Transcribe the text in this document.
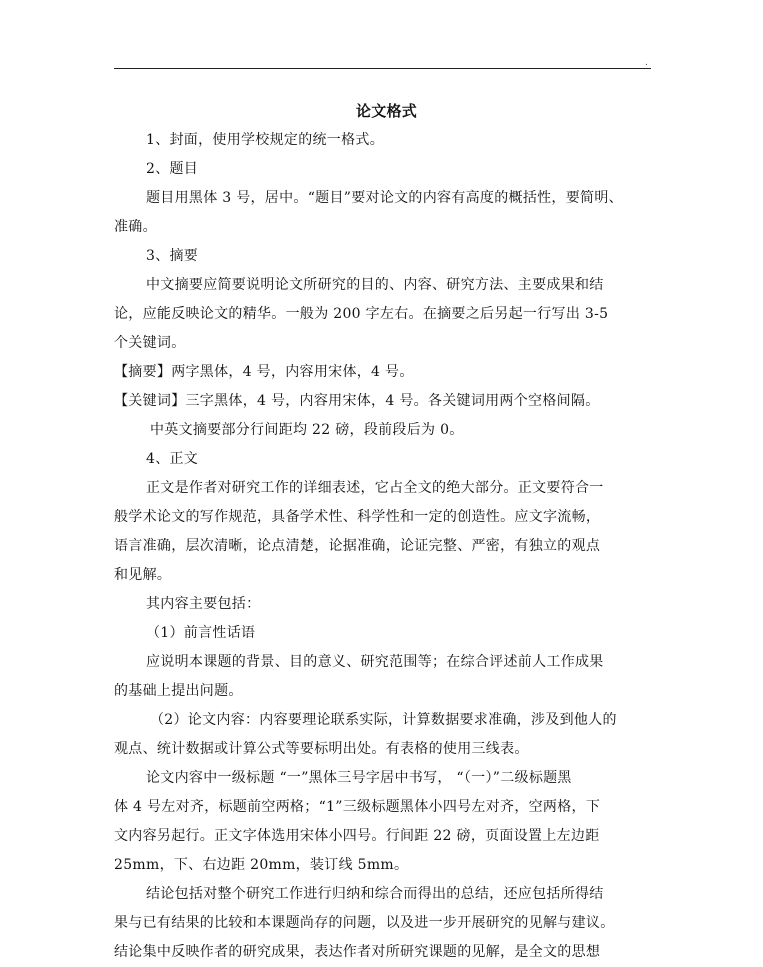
.

论文格式

1、封面，使用学校规定的统一格式。

2、题目

题目用黑体 3 号，居中。“题目”要对论文的内容有高度的概括性，要简明、

准确。

3、摘要

中文摘要应简要说明论文所研究的目的、内容、研究方法、主要成果和结

论，应能反映论文的精华。一般为 200 字左右。在摘要之后另起一行写出 3-5

个关键词。

【摘要】两字黑体，4 号，内容用宋体，4 号。

【关键词】三字黑体，4 号，内容用宋体，4 号。各关键词用两个空格间隔。

中英文摘要部分行间距均 22 磅，段前段后为 0。

4、正文

正文是作者对研究工作的详细表述，它占全文的绝大部分。正文要符合一

般学术论文的写作规范，具备学术性、科学性和一定的创造性。应文字流畅，

语言准确，层次清晰，论点清楚，论据准确，论证完整、严密，有独立的观点

和见解。

其内容主要包括：

（1）前言性话语

应说明本课题的背景、目的意义、研究范围等；在综合评述前人工作成果

的基础上提出问题。

（2）论文内容：内容要理论联系实际，计算数据要求准确，涉及到他人的

观点、统计数据或计算公式等要标明出处。有表格的使用三线表。

论文内容中一级标题 “一”黑体三号字居中书写， “（一）”二级标题黑

体 4 号左对齐，标题前空两格；“1”三级标题黑体小四号左对齐，空两格，下

文内容另起行。正文字体选用宋体小四号。行间距 22 磅，页面设置上左边距

25mm，下、右边距 20mm，装订线 5mm。

结论包括对整个研究工作进行归纳和综合而得出的总结，还应包括所得结

果与已有结果的比较和本课题尚存的问题，以及进一步开展研究的见解与建议。

结论集中反映作者的研究成果，表达作者对所研究课题的见解，是全文的思想
